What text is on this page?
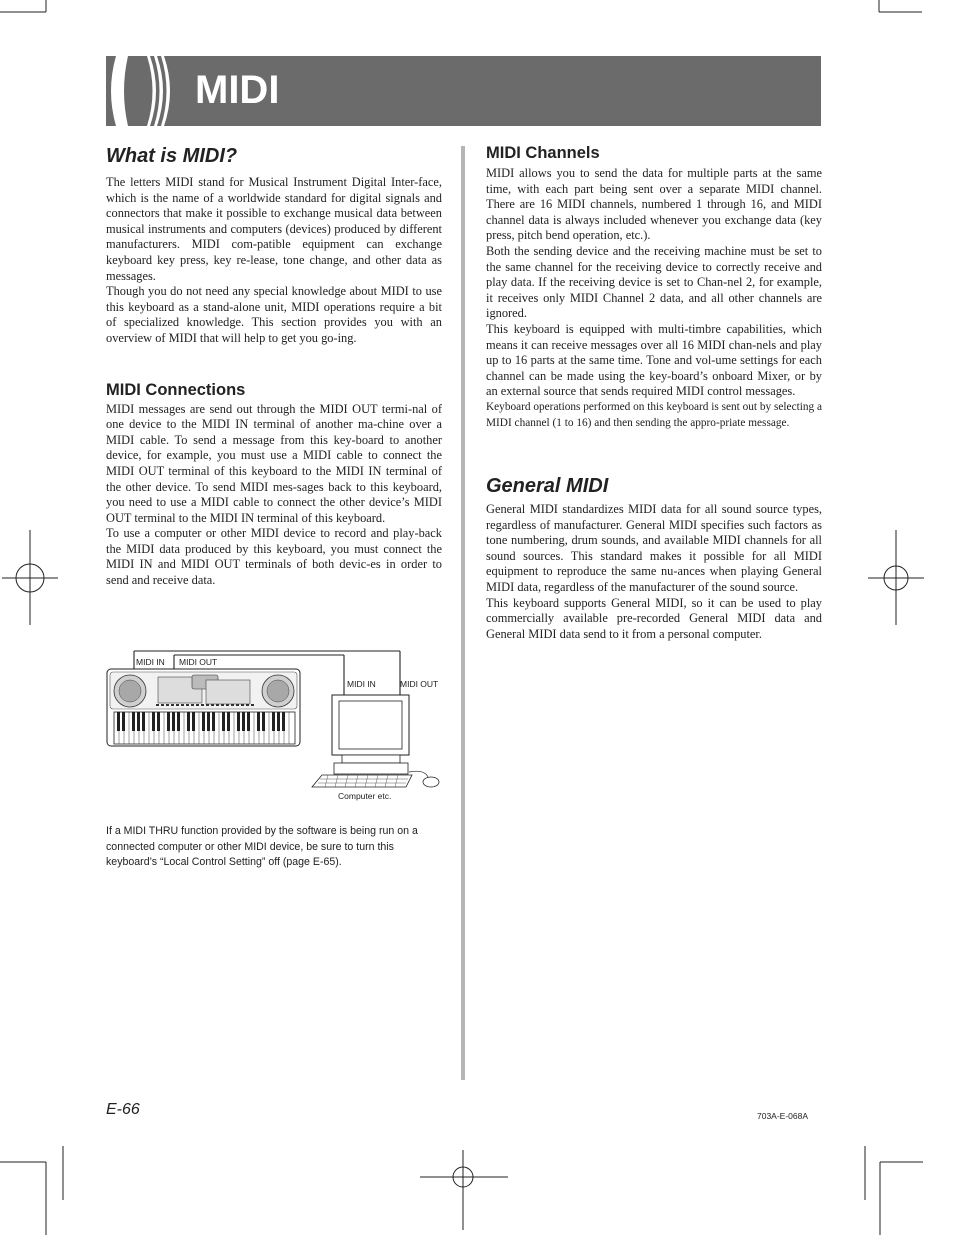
MIDI
What is MIDI?

The letters MIDI stand for Musical Instrument Digital Inter-face, which is the name of a worldwide standard for digital signals and connectors that make it possible to exchange musical data between musical instruments and computers (devices) produced by different manufacturers. MIDI com-patible equipment can exchange keyboard key press, key re-lease, tone change, and other data as messages.

Though you do not need any special knowledge about MIDI to use this keyboard as a stand-alone unit, MIDI operations require a bit of specialized knowledge. This section provides you with an overview of MIDI that will help to get you go-ing.

MIDI Connections

MIDI messages are send out through the MIDI OUT termi-nal of one device to the MIDI IN terminal of another ma-chine over a MIDI cable. To send a message from this key-board to another device, for example, you must use a MIDI cable to connect the MIDI OUT terminal of this keyboard to the MIDI IN terminal of the other device. To send MIDI mes-sages back to this keyboard, you need to use a MIDI cable to connect the other device’s MIDI OUT terminal to the MIDI IN terminal of this keyboard.

To use a computer or other MIDI device to record and play-back the MIDI data produced by this keyboard, you must connect the MIDI IN and MIDI OUT terminals of both devic-es in order to send and receive data.

MIDI IN MIDI OUT
MIDI IN	MIDI OUT
Computer etc.
If a MIDI THRU function provided by the software is being run on a connected computer or other MIDI device, be sure to turn this keyboard’s “Local Control Setting” off (page E-65).
MIDI Channels

MIDI allows you to send the data for multiple parts at the same time, with each part being sent over a separate MIDI channel. There are 16 MIDI channels, numbered 1 through 16, and MIDI channel data is always included whenever you exchange data (key press, pitch bend operation, etc.).

Both the sending device and the receiving machine must be set to the same channel for the receiving device to correctly receive and play data. If the receiving device is set to Chan-nel 2, for example, it receives only MIDI Channel 2 data, and all other channels are ignored.

This keyboard is equipped with multi-timbre capabilities, which means it can receive messages over all 16 MIDI chan-nels and play up to 16 parts at the same time. Tone and vol-ume settings for each channel can be made using the key-board’s onboard Mixer, or by an external source that sends required MIDI control messages.

Keyboard operations performed on this keyboard is sent out by selecting a MIDI channel (1 to 16) and then sending the appro-priate message.

General MIDI

General MIDI standardizes MIDI data for all sound source types, regardless of manufacturer. General MIDI specifies such factors as tone numbering, drum sounds, and available MIDI channels for all sound sources. This standard makes it possible for all MIDI equipment to reproduce the same nu-ances when playing General MIDI data, regardless of the manufacturer of the sound source.

This keyboard supports General MIDI, so it can be used to play commercially available pre-recorded General MIDI data and General MIDI data send to it from a personal computer.

E-66	703A-E-068A
